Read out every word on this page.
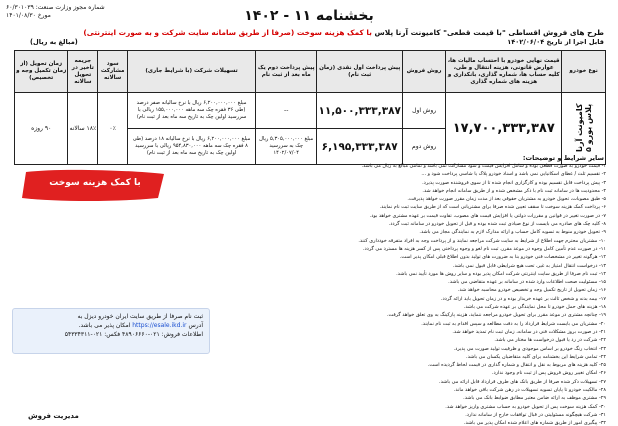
شماره مجوز وزارت صنعت: ۶۰/۳۰۱۰۳۹
۱۴۰۱/۰۸/۳۰ مورخ	بخشنامه ۱۱ - ۱۴۰۲
طرح های فروش اقساطی "با قیمت قطعی" کامیونت آرنا پلاس با کمک هزینه سوخت (صرفا از طریق سامانه سایت شرکت و به صورت اینترنتی)
قابل اجرا از تاریخ ۱۴۰۲/۰۶/۰۴
(مبالغ به ریال)
نوع خودرو	قیمت نهایی خودرو با احتساب مالیات ها، عوارض قانونی، هزینه انتقال و طی، کلیه حساب ها، شماره گذاری، بانکداری و هزینه های شماره گذاری	روش فروش	پیش پرداخت اول نقدی (زمان ثبت نام)	پیش پرداخت دوم یک ماه بعد از ثبت نام	تسهیلات شرکت (با شرایط جاری)	سود مشارکت سالانه	جریمه تاخیر در تحویل سالانه	زمان تحویل (از زمان تکمیل وجه و تخصیص)
کامیونت آرنا پلاس یورو ۵	۱۷,۷۰۰,۳۳۳,۳۸۷	روش اول	۱۱,۵۰۰,۳۳۳,۳۸۷	--	مبلغ ۶,۲۰۰,۰۰۰,۰۰۰ ریال با نرخ سالیانه صفر درصد (طی ۳۶ فقره چک سه ماهه ۱۵۵,۰۰۰,۰۰۰ ریالی با سررسید اولین چک به تاریخ سه ماه بعد از ثبت نام)	۰٪	۱۸٪ سالانه	۹۰ روزه
		روش دوم	۶,۱۹۵,۳۳۳,۳۸۷	مبلغ ۵,۳۰۵,۰۰۰,۰۰۰ ریال چک به سررسید ۱۴۰۲/۰۷/۰۴	مبلغ ۶,۲۰۰,۰۰۰,۰۰۰ ریال با نرخ سالیانه ۱۸ درصد (طی ۸ فقره چک سه ماهه ۹۵۴,۸۳۰,۰۰۰ ریالی با سررسید اولین چک به تاریخ سه ماه بعد از ثبت نام)			
سایر شرایط و توضیحات:
۱- قیمت خودرو به صورت قطعی بوده و شامل افزایش قیمت و سود مشارکت نمی باشد و تمامی مبالغ به ریال می باشد.
۲- تقسیم ثلث / عطای اسکانیایی نمی باشد و اسناد خودرو پلاک یا شاسی پرداخت شود و ...
۳- پیش پرداخت قابل تقسیم بوده و کارگزاری انجام شده تا از سوی فروشنده صورت پذیرد.
۴- محدودیت ها در سامانه ثبت نام با ذکر مشخص شده و از طریق سامانه انجام خواهد شد.
۵- طبق مصوبات، تحویل خودرو به مشتریان حقوقی بعد از مدت زمان مقرر صورت خواهد پذیرفت.
۶- پرداخت کمک هزینه سوخت تا سقف تعیین شده صرفا برای مشتریانی است که از طریق سایت ثبت نام نمایند.
۷- در صورت تغییر در قوانین و مقررات دولتی یا افزایش قیمت های مصوب، تفاوت قیمت بر عهده مشتری خواهد بود.
۸- کلیه چک های صادره می بایست از نوع صیادی ثبت شده بوده و قبل از تحویل خودرو در سامانه ثبت گردد.
۹- تحویل خودرو منوط به تسویه کامل حساب و ارائه مدارک لازم به نمایندگی مجاز می باشد.
۱۰- مشتریان محترم جهت اطلاع از شرایط به سایت شرکت مراجعه نمایند و از پرداخت وجه به افراد متفرقه خودداری کنند.
۱۱- در صورت عدم تأمین کامل وجوه در موعد مقرر، ثبت نام لغو و وجوه پرداختی پس از کسر هزینه ها مسترد می گردد.
۱۲- هرگونه تغییر در مشخصات فنی خودرو بنا به ضرورت های تولید بدون اطلاع قبلی امکان پذیر است.
۱۳- درخواست انتقال امتیاز به غیر، تحت هیچ شرایطی قابل قبول نمی باشد.
۱۴- ثبت نام صرفا از طریق سایت اینترنتی شرکت امکان پذیر بوده و سایر روش ها مورد تأیید نمی باشد.
۱۵- مسئولیت صحت اطلاعات وارد شده در سامانه بر عهده متقاضی می باشد.
۱۶- زمان تحویل از تاریخ تکمیل وجه و تخصیص خودرو محاسبه خواهد شد.
۱۷- بیمه بدنه و شخص ثالث بر عهده خریدار بوده و در زمان تحویل باید ارائه گردد.
۱۸- هزینه های حمل خودرو تا محل نمایندگی بر عهده شرکت می باشد.
۱۹- چنانچه مشتری در موعد مقرر برای تحویل خودرو مراجعه ننماید، هزینه پارکینگ به وی تعلق خواهد گرفت.
۲۰- مشتریان می بایست شرایط قرارداد را به دقت مطالعه و سپس اقدام به ثبت نام نمایند.
۲۱- در صورت بروز مشکلات فنی در سامانه، زمان ثبت نام تمدید خواهد شد.
۲۲- شرکت در رد یا قبول درخواست ها مختار می باشد.
۲۳- انتخاب رنگ خودرو بر اساس موجودی و ظرفیت تولید صورت می پذیرد.
۲۴- تمامی شرایط این بخشنامه برای کلیه متقاضیان یکسان می باشد.
۲۵- کلیه هزینه های مربوط به نقل و انتقال و شماره گذاری در قیمت لحاظ گردیده است.
۲۶- امکان تغییر روش فروش پس از ثبت نام وجود ندارد.
۲۷- تسهیلات ذکر شده صرفا از طریق بانک های طرف قرارداد قابل ارائه می باشد.
۲۸- مالکیت خودرو تا پایان تسویه تسهیلات در رهن شرکت باقی خواهد ماند.
۲۹- مشتری موظف به ارائه ضامن معتبر مطابق ضوابط بانک می باشد.
۳۰- کمک هزینه سوخت پس از تحویل خودرو به حساب مشتری واریز خواهد شد.
۳۱- شرکت هیچگونه مسئولیتی در قبال توافقات خارج از سامانه ندارد.
۳۲- پیگیری امور از طریق شماره های اعلام شده امکان پذیر می باشد.
با کمک هزینه سوخت
ثبت نام صرفا از طریق سایت ایران خودرو دیزل به
آدرس https://esale.ikd.ir امکان پذیر می باشد.
اطلاعات فروش: ۰۲۱-۴۸۹۰۶۶۶۰ فکس: ۰۲۱-۵۴۳۳۴۳۱۱
مدیریت فروش
